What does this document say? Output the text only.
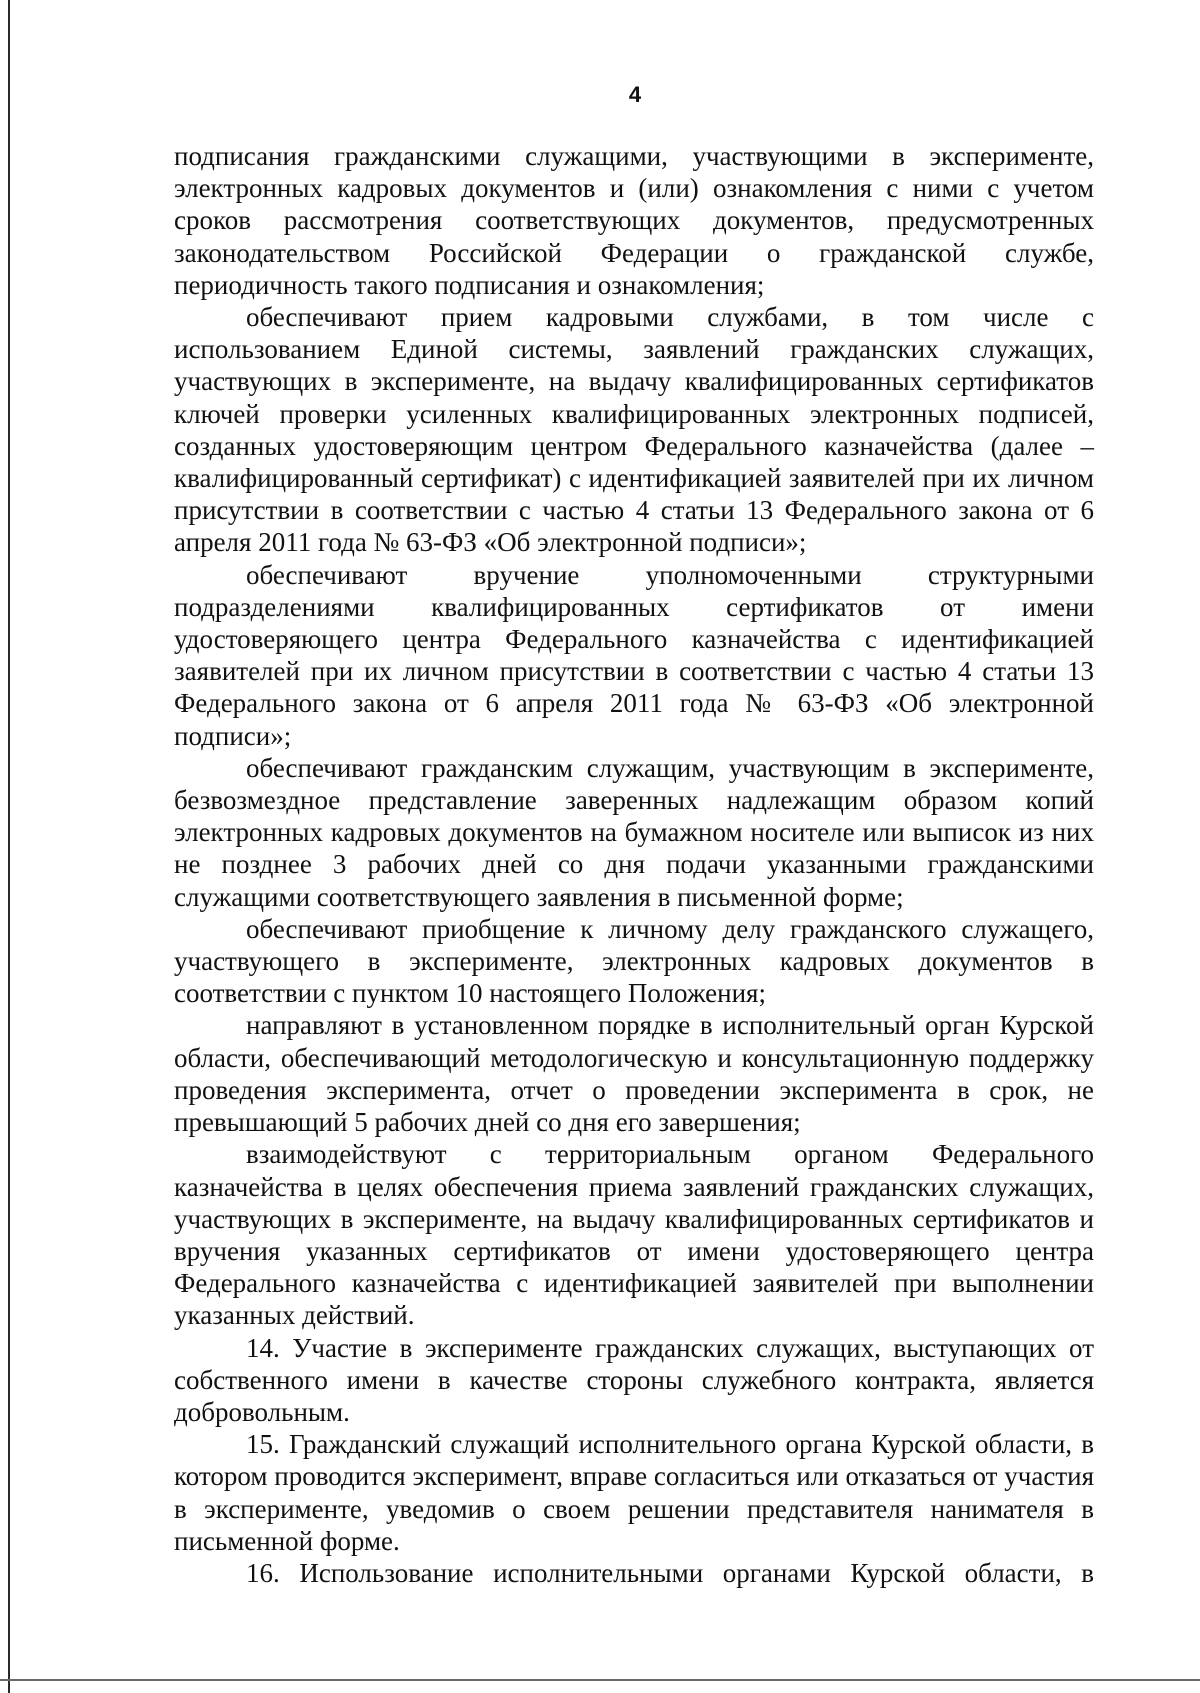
4

подписания гражданскими служащими, участвующими в эксперименте, электронных кадровых документов и (или) ознакомления с ними с учетом сроков рассмотрения соответствующих документов, предусмотренных законодательством Российской Федерации о гражданской службе, периодичность такого подписания и ознакомления;

обеспечивают прием кадровыми службами, в том числе с использованием Единой системы, заявлений гражданских служащих, участвующих в эксперименте, на выдачу квалифицированных сертификатов ключей проверки усиленных квалифицированных электронных подписей, созданных удостоверяющим центром Федерального казначейства (далее – квалифицированный сертификат) с идентификацией заявителей при их личном присутствии в соответствии с частью 4 статьи 13 Федерального закона от 6 апреля 2011 года № 63-ФЗ «Об электронной подписи»;

обеспечивают вручение уполномоченными структурными подразделениями квалифицированных сертификатов от имени удостоверяющего центра Федерального казначейства с идентификацией заявителей при их личном присутствии в соответствии с частью 4 статьи 13 Федерального закона от 6 апреля 2011 года № 63-ФЗ «Об электронной подписи»;

обеспечивают гражданским служащим, участвующим в эксперименте, безвозмездное представление заверенных надлежащим образом копий электронных кадровых документов на бумажном носителе или выписок из них не позднее 3 рабочих дней со дня подачи указанными гражданскими служащими соответствующего заявления в письменной форме;

обеспечивают приобщение к личному делу гражданского служащего, участвующего в эксперименте, электронных кадровых документов в соответствии с пунктом 10 настоящего Положения;

направляют в установленном порядке в исполнительный орган Курской области, обеспечивающий методологическую и консультационную поддержку проведения эксперимента, отчет о проведении эксперимента в срок, не превышающий 5 рабочих дней со дня его завершения;

взаимодействуют с территориальным органом Федерального казначейства в целях обеспечения приема заявлений гражданских служащих, участвующих в эксперименте, на выдачу квалифицированных сертификатов и вручения указанных сертификатов от имени удостоверяющего центра Федерального казначейства с идентификацией заявителей при выполнении указанных действий.

14. Участие в эксперименте гражданских служащих, выступающих от собственного имени в качестве стороны служебного контракта, является добровольным.

15. Гражданский служащий исполнительного органа Курской области, в котором проводится эксперимент, вправе согласиться или отказаться от участия в эксперименте, уведомив о своем решении представителя нанимателя в письменной форме.

16. Использование исполнительными органами Курской области, в
